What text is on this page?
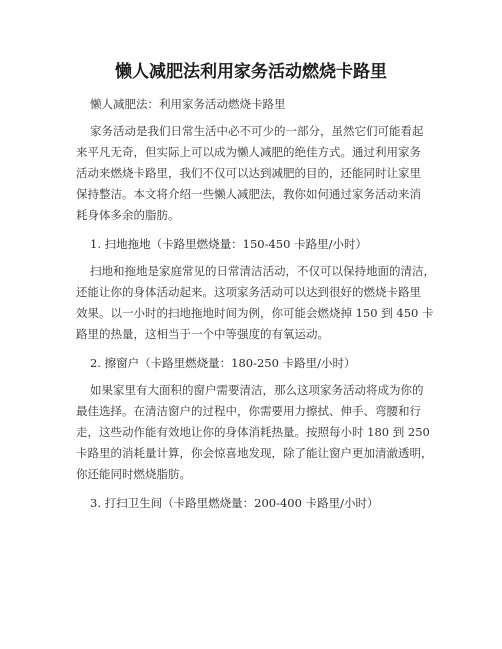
懒人减肥法利用家务活动燃烧卡路里
懒人减肥法：利用家务活动燃烧卡路里
家务活动是我们日常生活中必不可少的一部分，虽然它们可能看起
来平凡无奇，但实际上可以成为懒人减肥的绝佳方式。通过利用家务
活动来燃烧卡路里，我们不仅可以达到减肥的目的，还能同时让家里
保持整洁。本文将介绍一些懒人减肥法，教你如何通过家务活动来消
耗身体多余的脂肪。
1. 扫地拖地（卡路里燃烧量：150-450 卡路里/小时）
扫地和拖地是家庭常见的日常清洁活动，不仅可以保持地面的清洁，
还能让你的身体活动起来。这项家务活动可以达到很好的燃烧卡路里
效果。以一小时的扫地拖地时间为例，你可能会燃烧掉 150 到 450 卡
路里的热量，这相当于一个中等强度的有氧运动。
2. 擦窗户（卡路里燃烧量：180-250 卡路里/小时）
如果家里有大面积的窗户需要清洁，那么这项家务活动将成为你的
最佳选择。在清洁窗户的过程中，你需要用力擦拭、伸手、弯腰和行
走，这些动作能有效地让你的身体消耗热量。按照每小时 180 到 250
卡路里的消耗量计算，你会惊喜地发现，除了能让窗户更加清澈透明，
你还能同时燃烧脂肪。
3. 打扫卫生间（卡路里燃烧量：200-400 卡路里/小时）
